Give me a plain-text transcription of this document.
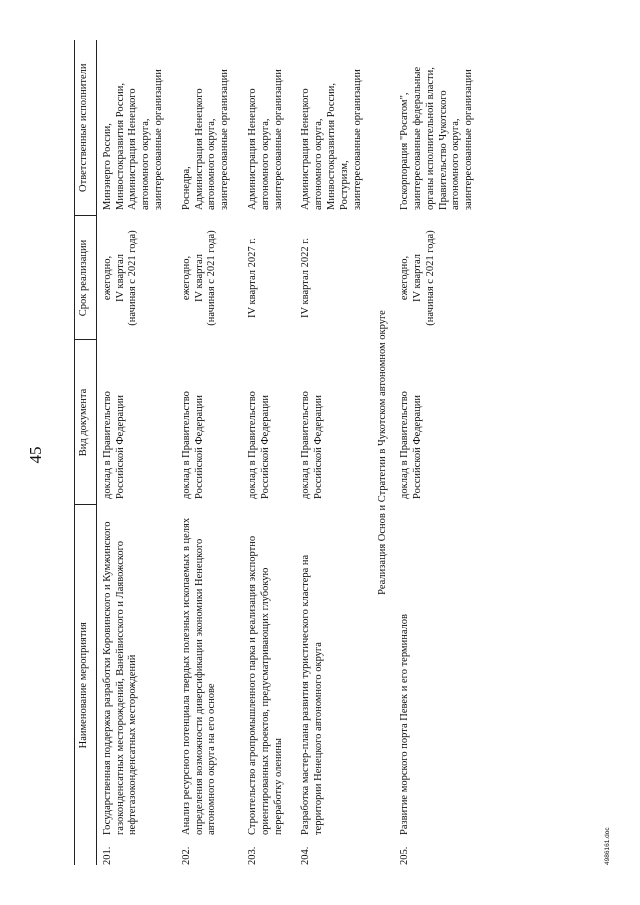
45
Наименование мероприятия		Вид документа	Срок реализации	Ответственные исполнители
201.	Государственная поддержка разработки Коровинского и Кумжинского газоконденсатных месторождений, Ванейвисского и Лаявожского нефтегазоконденсатных месторождений	доклад в Правительство Российской Федерации	ежегодно, IV квартал (начиная с 2021 года)	Минэнерго России, Минвостокразвития России, Администрация Ненецкого автономного округа, заинтересованные организации
202.	Анализ ресурсного потенциала твердых полезных ископаемых в целях определения возможности диверсификации экономики Ненецкого автономного округа на его основе	доклад в Правительство Российской Федерации	ежегодно, IV квартал (начиная с 2021 года)	Роснедра, Администрация Ненецкого автономного округа, заинтересованные организации
203.	Строительство агропромышленного парка и реализация экспортно ориентированных проектов, предусматривающих глубокую переработку оленины	доклад в Правительство Российской Федерации	IV квартал 2027 г.	Администрация Ненецкого автономного округа, заинтересованные организации
204.	Разработка мастер-плана развития туристического кластера на территории Ненецкого автономного округа	доклад в Правительство Российской Федерации	IV квартал 2022 г.	Администрация Ненецкого автономного округа, Минвостокразвития России, Ростуризм, заинтересованные организации
Реализация Основ и Стратегии в Чукотском автономном округе				
205.	Развитие морского порта Певек и его терминалов	доклад в Правительство Российской Федерации	ежегодно, IV квартал (начиная с 2021 года)	Госкорпорация "Росатом", заинтересованные федеральные органы исполнительной власти, Правительство Чукотского автономного округа, заинтересованные организации
4986161.doc
